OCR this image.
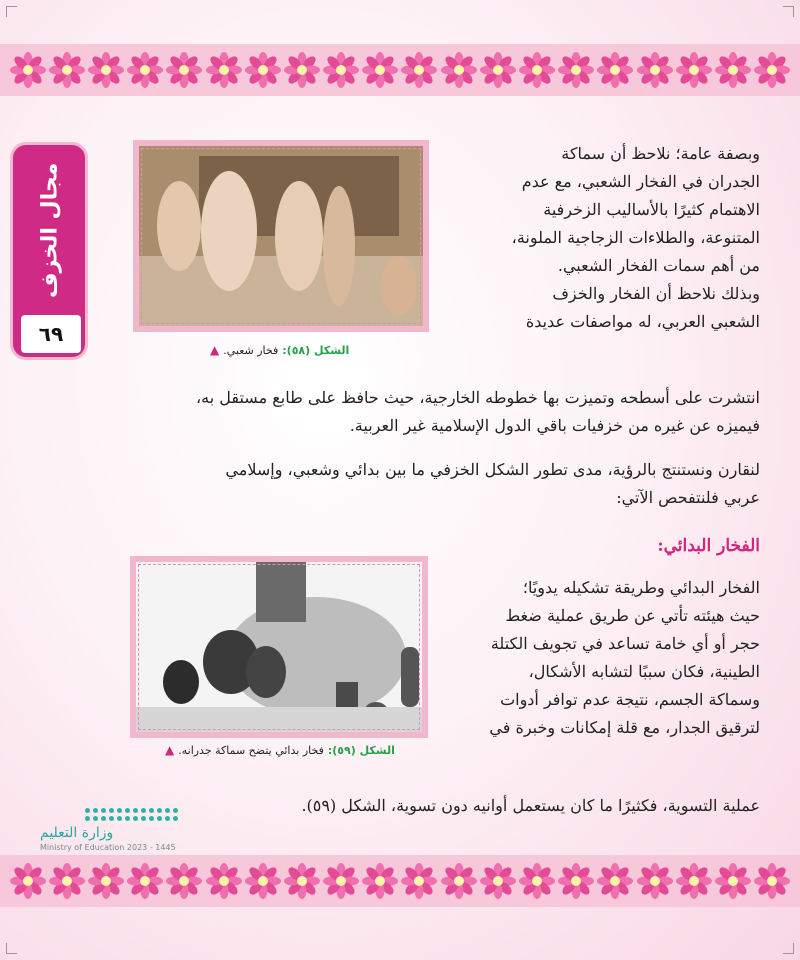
مجال الخزف
٦٩
الشكل (٥٨):
فخار شعبي.
▲

وبصفة عامة؛ نلاحظ أن سماكة

الجدران في الفخار الشعبي، مع عدم

الاهتمام كثيرًا بالأساليب الزخرفية

المتنوعة، والطلاءات الزجاجية الملونة،

من أهم سمات الفخار الشعبي.

وبذلك نلاحظ أن الفخار والخزف

الشعبي العربي، له مواصفات عديدة

انتشرت على أسطحه وتميزت بها خطوطه الخارجية، حيث حافظ على طابع مستقل به،

فيميزه عن غيره من خزفيات باقي الدول الإسلامية غير العربية.

لنقارن ونستنتج بالرؤية، مدى تطور الشكل الخزفي ما بين بدائي وشعبي، وإسلامي

عربي فلنتفحص الآتي:

الفخار البدائي:
الشكل (٥٩):
فخار بدائي يتضح سماكة جدرانه.
▲

الفخار البدائي وطريقة تشكيله يدويًا؛

حيث هيئته تأتي عن طريق عملية ضغط

حجر أو أي خامة تساعد في تجويف الكتلة

الطينية، فكان سببًا لتشابه الأشكال،

وسماكة الجسم، نتيجة عدم توافر أدوات

لترقيق الجدار، مع قلة إمكانات وخبرة في

عملية التسوية، فكثيرًا ما كان يستعمل أوانيه دون تسوية، الشكل (٥٩).

وزارة التعليم
Ministry of Education 2023 - 1445
